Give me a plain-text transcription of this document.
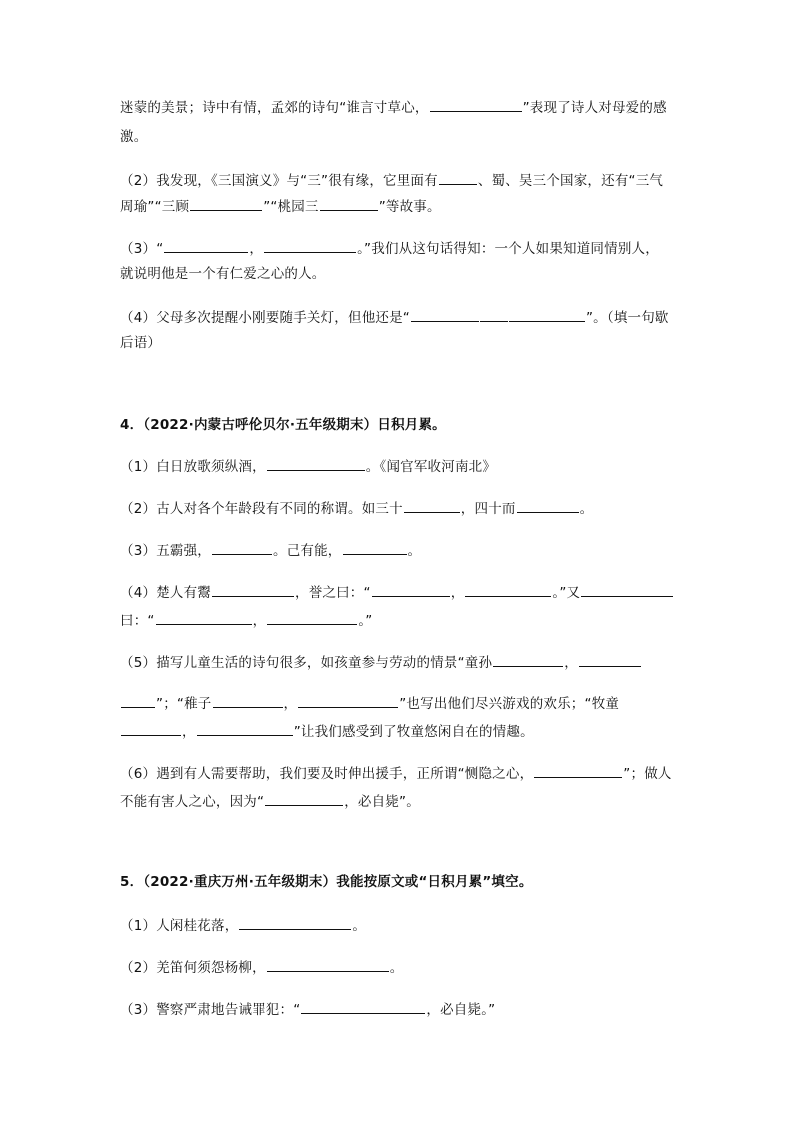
迷蒙的美景；诗中有情，孟郊的诗句“谁言寸草心，	”表现了诗人对母爱的感
激。
（2）我发现，《三国演义》与“三”很有缘，它里面有	、蜀、吴三个国家，还有“三气
周瑜”“三顾	”“桃园三	”等故事。
（3）“	，	。”我们从这句话得知：一个人如果知道同情别人，
就说明他是一个有仁爱之心的人。
（4）父母多次提醒小刚要随手关灯，但他还是“	”。（填一句歇
后语）
4．（2022·内蒙古呼伦贝尔·五年级期末）日积月累。
（1）白日放歌须纵酒，	。《闻官军收河南北》
（2）古人对各个年龄段有不同的称谓。如三十	，四十而	。
（3）五霸强，	。己有能，	。
（4）楚人有鬻	，誉之曰：“	，	。”又
曰：“	，	。”
（5）描写儿童生活的诗句很多，如孩童参与劳动的情景“童孙	，
”；“稚子	，	”也写出他们尽兴游戏的欢乐；“牧童
，	”让我们感受到了牧童悠闲自在的情趣。
（6）遇到有人需要帮助，我们要及时伸出援手，正所谓“恻隐之心，	”；做人
不能有害人之心，因为“	，必自毙”。
5．（2022·重庆万州·五年级期末）我能按原文或“日积月累”填空。
（1）人闲桂花落，	。
（2）羌笛何须怨杨柳，	。
（3）警察严肃地告诫罪犯：“	，必自毙。”
